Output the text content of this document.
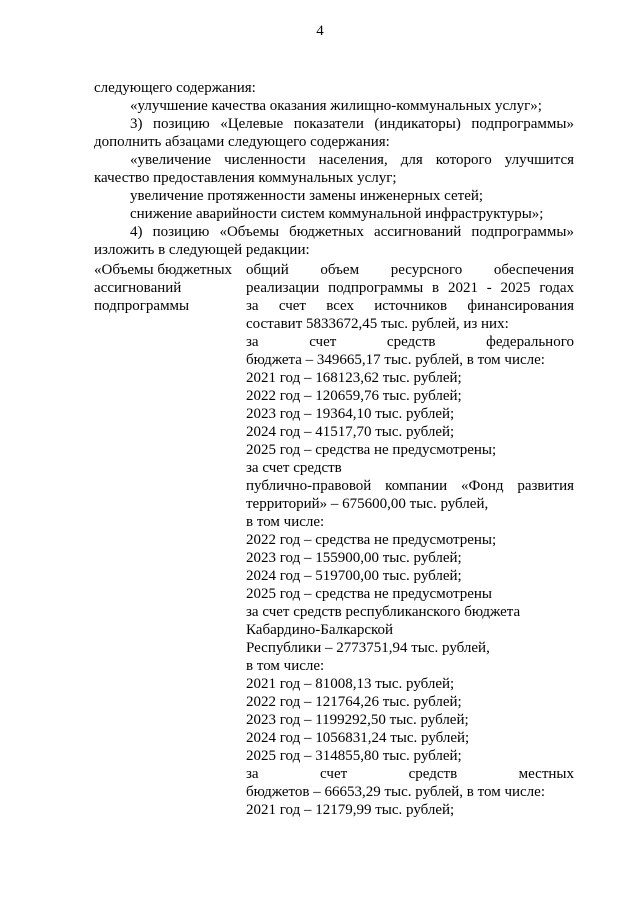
4

следующего содержания:

«улучшение качества оказания жилищно-коммунальных услуг»;

3) позицию «Целевые показатели (индикаторы) подпрограммы»

дополнить абзацами следующего содержания:

«увеличение численности населения, для которого улучшится

качество предоставления коммунальных услуг;

увеличение протяженности замены инженерных сетей;

снижение аварийности систем коммунальной инфраструктуры»;

4) позицию «Объемы бюджетных ассигнований подпрограммы»

изложить в следующей редакции:

«Объемы бюджетных
ассигнований
подпрограммы
общий объем ресурсного обеспечения
реализации подпрограммы в 2021 - 2025 годах
за счет всех источников финансирования
составит 5833672,45 тыс. рублей, из них:
за счет средств федерального
бюджета – 349665,17 тыс. рублей, в том числе:
2021 год – 168123,62 тыс. рублей;
2022 год – 120659,76 тыс. рублей;
2023 год – 19364,10 тыс. рублей;
2024 год – 41517,70 тыс. рублей;
2025 год – средства не предусмотрены;
за счет средств
публично-правовой компании «Фонд развития
территорий» – 675600,00 тыс. рублей,
в том числе:
2022 год – средства не предусмотрены;
2023 год – 155900,00 тыс. рублей;
2024 год – 519700,00 тыс. рублей;
2025 год – средства не предусмотрены
за счет средств республиканского бюджета
Кабардино-Балкарской
Республики – 2773751,94 тыс. рублей,
в том числе:
2021 год – 81008,13 тыс. рублей;
2022 год – 121764,26 тыс. рублей;
2023 год – 1199292,50 тыс. рублей;
2024 год – 1056831,24 тыс. рублей;
2025 год – 314855,80 тыс. рублей;
за счет средств местных
бюджетов – 66653,29 тыс. рублей, в том числе:
2021 год – 12179,99 тыс. рублей;
